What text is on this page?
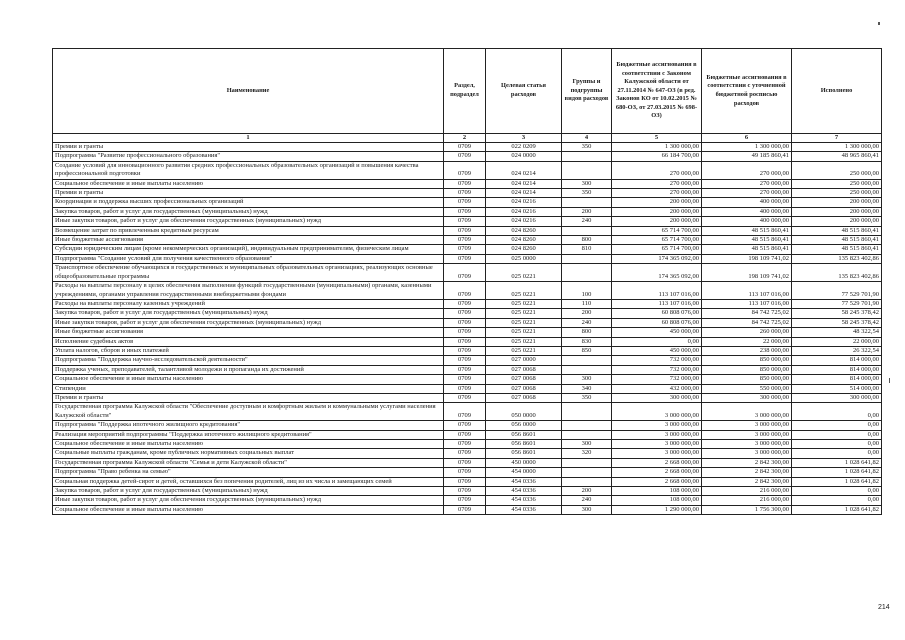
Наименование	Раздел, подраздел	Целевая статья расходов	Группы и подгруппы видов расходов	Бюджетные ассигнования в соответствии с Законом Калужской области от 27.11.2014 № 647-ОЗ (в ред. Законов КО от 10.02.2015 № 680-ОЗ, от 27.03.2015 № 698-ОЗ)	Бюджетные ассигнования в соответствии с уточненной бюджетной росписью расходов	Исполнено
1	2	3	4	5	6	7
Премии и гранты	0709	022 0209	350	1 300 000,00	1 300 000,00	1 300 000,00
Подпрограмма "Развитие профессионального образования"	0709	024 0000		66 184 700,00	49 185 860,41	48 965 860,41
Создание условий для инновационного развития средних профессиональных образовательных организаций и повышения качества профессиональной подготовки	0709	024 0214		270 000,00	270 000,00	250 000,00
Социальное обеспечение и иные выплаты населению	0709	024 0214	300	270 000,00	270 000,00	250 000,00
Премии и гранты	0709	024 0214	350	270 000,00	270 000,00	250 000,00
Координация и поддержка высших профессиональных организаций	0709	024 0216		200 000,00	400 000,00	200 000,00
Закупка товаров, работ и услуг для государственных (муниципальных) нужд	0709	024 0216	200	200 000,00	400 000,00	200 000,00
Иные закупки товаров, работ и услуг для обеспечения государственных (муниципальных) нужд	0709	024 0216	240	200 000,00	400 000,00	200 000,00
Возмещение затрат по привлеченным кредитным ресурсам	0709	024 8260		65 714 700,00	48 515 860,41	48 515 860,41
Иные бюджетные ассигнования	0709	024 8260	800	65 714 700,00	48 515 860,41	48 515 860,41
Субсидии юридическим лицам (кроме некоммерческих организаций), индивидуальным предпринимателям, физическим лицам	0709	024 8260	810	65 714 700,00	48 515 860,41	48 515 860,41
Подпрограмма "Создание условий для получения качественного образования"	0709	025 0000		174 365 092,00	198 109 741,02	135 823 402,86
Транспортное обеспечение обучающихся в государственных и муниципальных образовательных организациях, реализующих основные общеобразовательные программы	0709	025 0221		174 365 092,00	198 109 741,02	135 823 402,86
Расходы на выплаты персоналу в целях обеспечения выполнения функций государственными (муниципальными) органами, казенными учреждениями, органами управления государственными внебюджетными фондами	0709	025 0221	100	113 107 016,00	113 107 016,00	77 529 701,90
Расходы на выплаты персоналу казенных учреждений	0709	025 0221	110	113 107 016,00	113 107 016,00	77 529 701,90
Закупка товаров, работ и услуг для государственных (муниципальных) нужд	0709	025 0221	200	60 808 076,00	84 742 725,02	58 245 378,42
Иные закупки товаров, работ и услуг для обеспечения государственных (муниципальных) нужд	0709	025 0221	240	60 808 076,00	84 742 725,02	58 245 378,42
Иные бюджетные ассигнования	0709	025 0221	800	450 000,00	260 000,00	48 322,54
Исполнение судебных актов	0709	025 0221	830	0,00	22 000,00	22 000,00
Уплата налогов, сборов и иных платежей	0709	025 0221	850	450 000,00	238 000,00	26 322,54
Подпрограмма "Поддержка научно-исследовательской деятельности"	0709	027 0000		732 000,00	850 000,00	814 000,00
Поддержка ученых, преподавателей, талантливой молодежи и пропаганда их достижений	0709	027 0068		732 000,00	850 000,00	814 000,00
Социальное обеспечение и иные выплаты населению	0709	027 0068	300	732 000,00	850 000,00	814 000,00
Стипендии	0709	027 0068	340	432 000,00	550 000,00	514 000,00
Премии и гранты	0709	027 0068	350	300 000,00	300 000,00	300 000,00
Государственная программа Калужской области "Обеспечение доступным и комфортным жильем и коммунальными услугами населения Калужской области"	0709	050 0000		3 000 000,00	3 000 000,00	0,00
Подпрограмма "Поддержка ипотечного жилищного кредитования"	0709	056 0000		3 000 000,00	3 000 000,00	0,00
Реализация мероприятий подпрограммы "Поддержка ипотечного жилищного кредитования"	0709	056 8601		3 000 000,00	3 000 000,00	0,00
Социальное обеспечение и иные выплаты населению	0709	056 8601	300	3 000 000,00	3 000 000,00	0,00
Социальные выплаты гражданам, кроме публичных нормативных социальных выплат	0709	056 8601	320	3 000 000,00	3 000 000,00	0,00
Государственная программа Калужской области "Семья и дети Калужской области"	0709	450 0000		2 668 000,00	2 842 300,00	1 028 641,82
Подпрограмма "Право ребенка на семью"	0709	454 0000		2 668 000,00	2 842 300,00	1 028 641,82
Социальная поддержка детей-сирот и детей, оставшихся без попечения родителей, лиц из их числа и замещающих семей	0709	454 0336		2 668 000,00	2 842 300,00	1 028 641,82
Закупка товаров, работ и услуг для государственных (муниципальных) нужд	0709	454 0336	200	108 000,00	216 000,00	0,00
Иные закупки товаров, работ и услуг для обеспечения государственных (муниципальных) нужд	0709	454 0336	240	108 000,00	216 000,00	0,00
Социальное обеспечение и иные выплаты населению	0709	454 0336	300	1 290 000,00	1 756 300,00	1 028 641,82
214
